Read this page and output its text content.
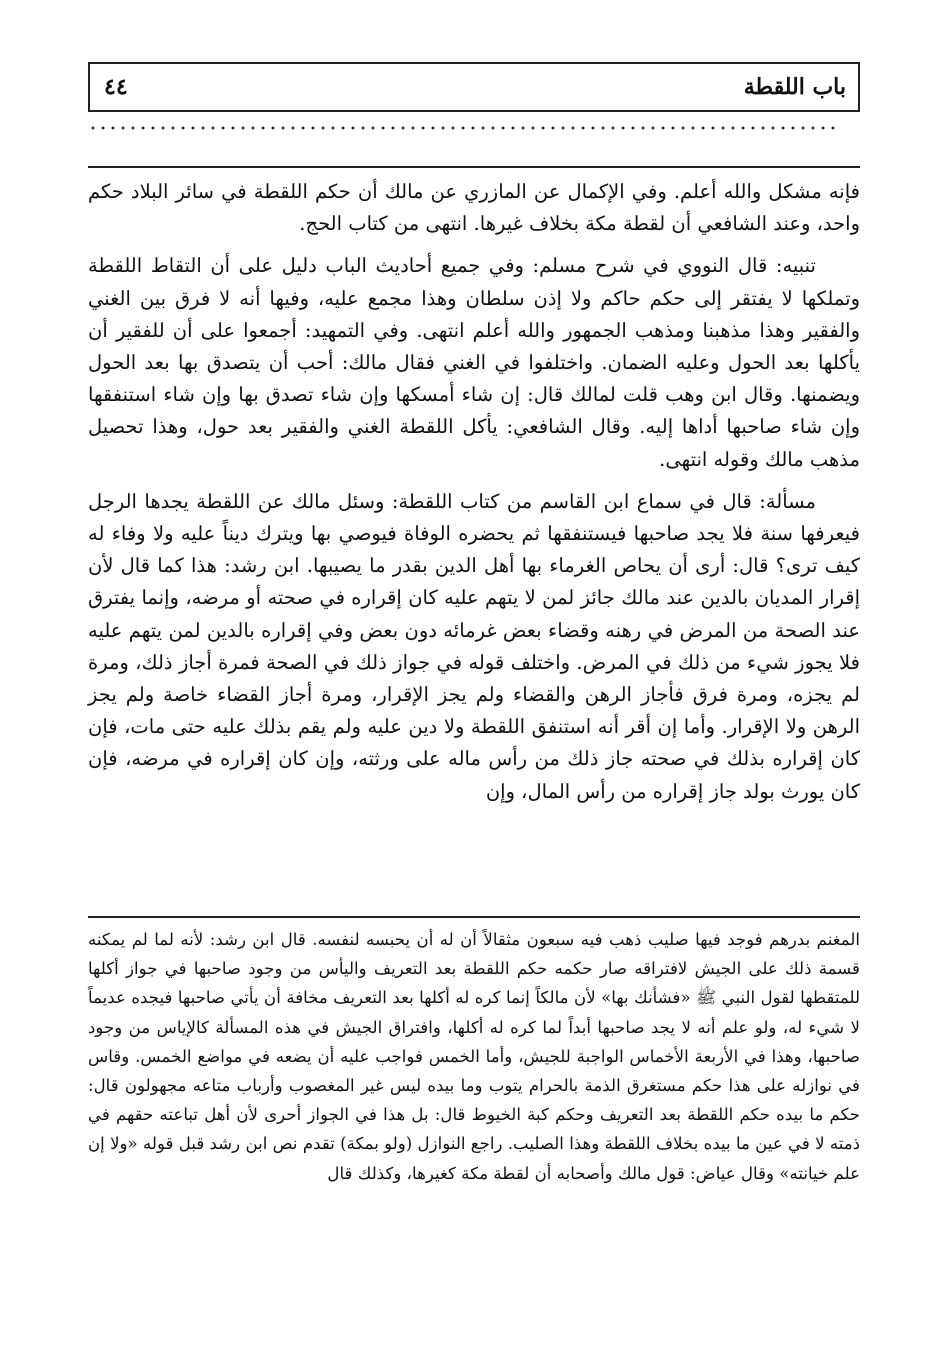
باب اللقطة
٤٤

فإنه مشكل والله أعلم. وفي الإكمال عن المازري عن مالك أن حكم اللقطة في سائر البلاد حكم واحد، وعند الشافعي أن لقطة مكة بخلاف غيرها. انتهى من كتاب الحج.

تنبيه: قال النووي في شرح مسلم: وفي جميع أحاديث الباب دليل على أن التقاط اللقطة وتملكها لا يفتقر إلى حكم حاكم ولا إذن سلطان وهذا مجمع عليه، وفيها أنه لا فرق بين الغني والفقير وهذا مذهبنا ومذهب الجمهور والله أعلم انتهى. وفي التمهيد: أجمعوا على أن للفقير أن يأكلها بعد الحول وعليه الضمان. واختلفوا في الغني فقال مالك: أحب أن يتصدق بها بعد الحول ويضمنها. وقال ابن وهب قلت لمالك قال: إن شاء أمسكها وإن شاء تصدق بها وإن شاء استنفقها وإن شاء صاحبها أداها إليه. وقال الشافعي: يأكل اللقطة الغني والفقير بعد حول، وهذا تحصيل مذهب مالك وقوله انتهى.

مسألة: قال في سماع ابن القاسم من كتاب اللقطة: وسئل مالك عن اللقطة يجدها الرجل فيعرفها سنة فلا يجد صاحبها فيستنفقها ثم يحضره الوفاة فيوصي بها ويترك ديناً عليه ولا وفاء له كيف ترى؟ قال: أرى أن يحاص الغرماء بها أهل الدين بقدر ما يصيبها. ابن رشد: هذا كما قال لأن إقرار المديان بالدين عند مالك جائز لمن لا يتهم عليه كان إقراره في صحته أو مرضه، وإنما يفترق عند الصحة من المرض في رهنه وقضاء بعض غرمائه دون بعض وفي إقراره بالدين لمن يتهم عليه فلا يجوز شيء من ذلك في المرض. واختلف قوله في جواز ذلك في الصحة فمرة أجاز ذلك، ومرة لم يجزه، ومرة فرق فأجاز الرهن والقضاء ولم يجز الإقرار، ومرة أجاز القضاء خاصة ولم يجز الرهن ولا الإقرار. وأما إن أقر أنه استنفق اللقطة ولا دين عليه ولم يقم بذلك عليه حتى مات، فإن كان إقراره بذلك في صحته جاز ذلك من رأس ماله على ورثته، وإن كان إقراره في مرضه، فإن كان يورث بولد جاز إقراره من رأس المال، وإن

المغنم بدرهم فوجد فيها صليب ذهب فيه سبعون مثقالاً أن له أن يحبسه لنفسه. قال ابن رشد: لأنه لما لم يمكنه قسمة ذلك على الجيش لافتراقه صار حكمه حكم اللقطة بعد التعريف واليأس من وجود صاحبها في جواز أكلها للمتقطها لقول النبي ﷺ «فشأنك بها» لأن مالكاً إنما كره له أكلها بعد التعريف مخافة أن يأتي صاحبها فيجده عديماً لا شيء له، ولو علم أنه لا يجد صاحبها أبداً لما كره له أكلها، وافتراق الجيش في هذه المسألة كالإياس من وجود صاحبها، وهذا في الأربعة الأخماس الواجبة للجيش، وأما الخمس فواجب عليه أن يضعه في مواضع الخمس. وقاس في نوازله على هذا حكم مستغرق الذمة بالحرام يتوب وما بيده ليس غير المغصوب وأرباب متاعه مجهولون قال: حكم ما بيده حكم اللقطة بعد التعريف وحكم كبة الخيوط قال: بل هذا في الجواز أحرى لأن أهل تباعته حقهم في ذمته لا في عين ما بيده بخلاف اللقطة وهذا الصليب. راجع النوازل (ولو بمكة) تقدم نص ابن رشد قبل قوله «ولا إن علم خيانته» وقال عياض: قول مالك وأصحابه أن لقطة مكة كغيرها، وكذلك قال
